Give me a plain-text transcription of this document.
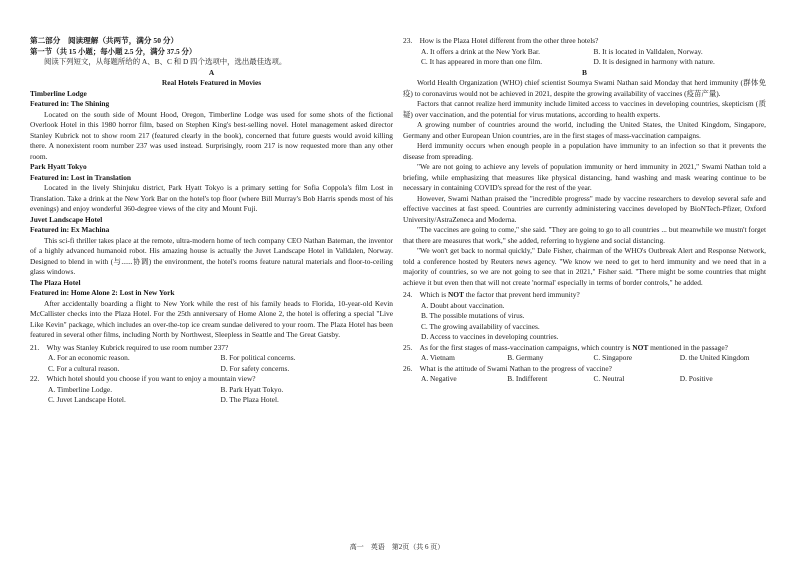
第二部分　阅读理解（共两节，满分 50 分）

第一节（共 15 小题；每小题 2.5 分，满分 37.5 分）

阅读下列短文，从每题所给的 A、B、C 和 D 四个选项中，选出最佳选项。

A

Real Hotels Featured in Movies

Timberline Lodge

Featured in: The Shining

Located on the south side of Mount Hood, Oregon, Timberline Lodge was used for some shots of the fictional Overlook Hotel in this 1980 horror film, based on Stephen King's best-selling novel. Hotel management asked director Stanley Kubrick not to show room 217 (featured clearly in the book), concerned that future guests would avoid killing there. A nonexistent room number 237 was used instead. Surprisingly, room 217 is now requested more than any other room.

Park Hyatt Tokyo

Featured in: Lost in Translation

Located in the lively Shinjuku district, Park Hyatt Tokyo is a primary setting for Sofia Coppola's film Lost in Translation. Take a drink at the New York Bar on the hotel's top floor (where Bill Murray's Bob Harris spends most of his evenings) and enjoy wonderful 360-degree views of the city and Mount Fuji.

Juvet Landscape Hotel

Featured in: Ex Machina

This sci-fi thriller takes place at the remote, ultra-modern home of tech company CEO Nathan Bateman, the inventor of a highly advanced humanoid robot. His amazing house is actually the Juvet Landscape Hotel in Valldalen, Norway. Designed to blend in with (与......协调) the environment, the hotel's rooms feature natural materials and floor-to-ceiling glass windows.

The Plaza Hotel

Featured in: Home Alone 2: Lost in New York

After accidentally boarding a flight to New York while the rest of his family heads to Florida, 10-year-old Kevin McCallister checks into the Plaza Hotel. For the 25th anniversary of Home Alone 2, the hotel is offering a special "Live Like Kevin" package, which includes an over-the-top ice cream sundae delivered to your room. The Plaza Hotel has been featured in several other films, including North by Northwest, Sleepless in Seattle and The Great Gatsby.

21.　Why was Stanley Kubrick required to use room number 237?

A. For an economic reason.	B. For political concerns.
C. For a cultural reason.	D. For safety concerns.

22.　Which hotel should you choose if you want to enjoy a mountain view?

A. Timberline Lodge.	B. Park Hyatt Tokyo.
C. Juvet Landscape Hotel.	D. The Plaza Hotel.

23.　How is the Plaza Hotel different from the other three hotels?

A. It offers a drink at the New York Bar.	B. It is located in Valldalen, Norway.
C. It has appeared in more than one film.	D. It is designed in harmony with nature.

B

World Health Organization (WHO) chief scientist Soumya Swami Nathan said Monday that herd immunity (群体免疫) to coronavirus would not be achieved in 2021, despite the growing availability of vaccines (疫苗产量).

Factors that cannot realize herd immunity include limited access to vaccines in developing countries, skepticism (质疑) over vaccination, and the potential for virus mutations, according to health experts.

A growing number of countries around the world, including the United States, the United Kingdom, Singapore, Germany and other European Union countries, are in the first stages of mass-vaccination campaigns.

Herd immunity occurs when enough people in a population have immunity to an infection so that it prevents the disease from spreading.

"We are not going to achieve any levels of population immunity or herd immunity in 2021," Swami Nathan told a briefing, while emphasizing that measures like physical distancing, hand washing and mask wearing continue to be necessary in containing COVID's spread for the rest of the year.

However, Swami Nathan praised the "incredible progress" made by vaccine researchers to develop several safe and effective vaccines at fast speed. Countries are currently administering vaccines developed by BioNTech-Pfizer, Oxford University/AstraZeneca and Moderna.

"The vaccines are going to come," she said. "They are going to go to all countries ... but meanwhile we mustn't forget that there are measures that work," she added, referring to hygiene and social distancing.

"We won't get back to normal quickly," Dale Fisher, chairman of the WHO's Outbreak Alert and Response Network, told a conference hosted by Reuters news agency. "We know we need to get to herd immunity and we need that in a majority of countries, so we are not going to see that in 2021," Fisher said. "There might be some countries that might achieve it but even then that will not create 'normal' especially in terms of border controls," he added.

24.　Which is NOT the factor that prevent herd immunity?

A. Doubt about vaccination.
B. The possible mutations of virus.
C. The growing availability of vaccines.
D. Access to vaccines in developing countries.

25.　As for the first stages of mass-vaccination campaigns, which country is NOT mentioned in the passage?

A. Vietnam	B. Germany	C. Singapore	D. the United Kingdom

26.　What is the attitude of Swami Nathan to the progress of vaccine?

A. Negative	B. Indifferent	C. Neutral	D. Positive
高一　英语　第2页（共 6 页）
